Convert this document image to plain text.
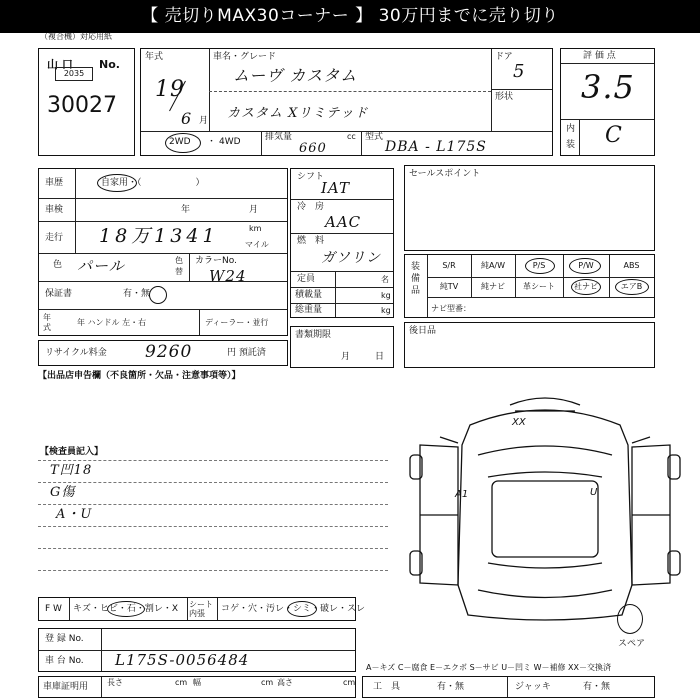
【 売切りMAX30コーナー 】 30万円までに売り切り
（複合機）対応用紙
山 口 No.
2035
30027
年式
19
6 月
車名・グレード
ムーヴ カスタム
カスタム Xリミテッド
ドア
5
形状
2WD ・ 4WD	排気量	cc
660
型式
DBA - L175S
評 価 点
3.5
内
装 C
車歴	自家用・（　　　　　　）
車検	年	月
走行 18万1341	km
マイル
色 パール	色
替
カラーNo.
W24
保証書	有・無
年
式
年 ハンドル 左・右	ディーラー・並行
シフト
IAT
冷　房
AAC
燃　料
ガソリン
定員	名
積載量	kg
総重量	kg
書類期限
月	日
セールスポイント
装 備 品
S/R	純A/W	P/S	P/W	ABS
純TV	純ナビ	革シート	社ナビ	エアB
ナビ型番：
リサイクル料金 9260	円 預託済
後日品
【出品店申告欄（不良箇所・欠品・注意事項等）】
【検査員記入】
T凹18
G傷
A・U
XX
A1	U
スペア
F W キズ・ヒビ・石・割レ・X シート内張	コゲ・穴・汚レ・シミ・破レ・スレ
登 録 No.
車 台 No. L175S-0056484
車庫証明用 長さ	cm 幅	cm 高さ	cm
A－キズ C－腐食 E－エクボ S－サビ U－凹ミ W－補修 XX－交換済
工　具	有・無	ジャッキ	有・無
